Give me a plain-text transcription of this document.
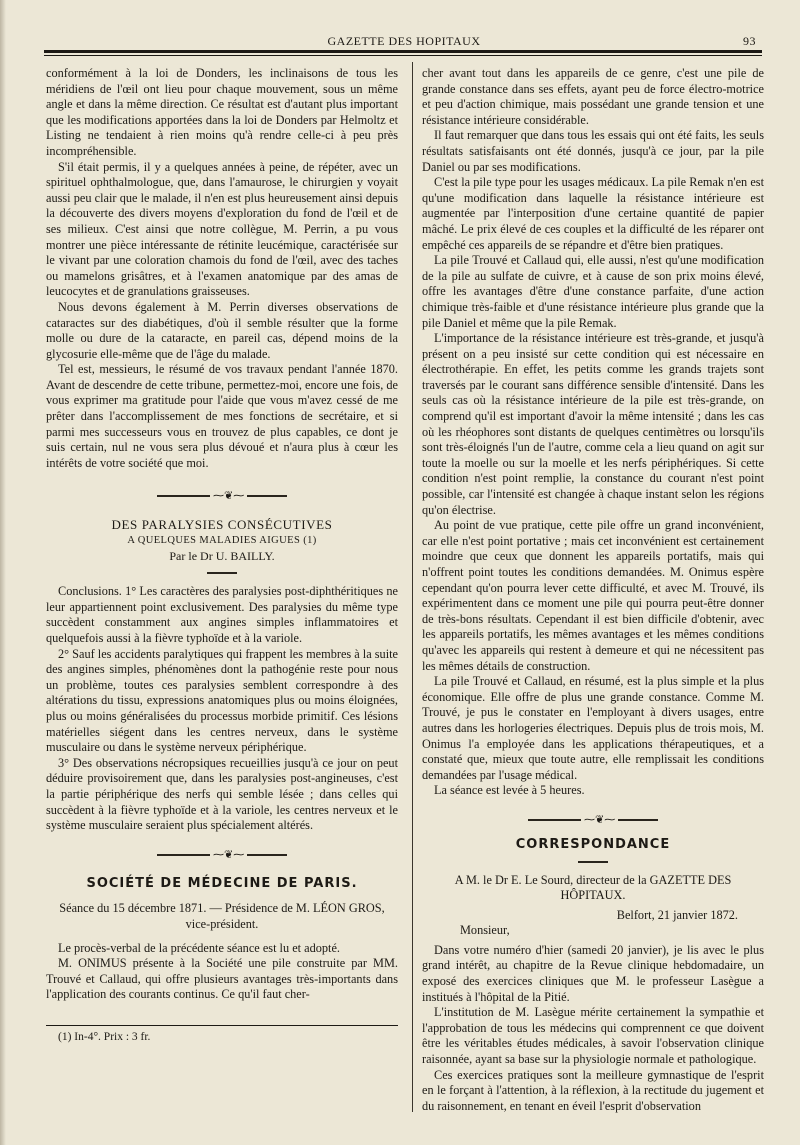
GAZETTE DES HOPITAUX	93

conformément à la loi de Donders, les inclinaisons de tous les méridiens de l'œil ont lieu pour chaque mouvement, sous un même angle et dans la même direction. Ce résultat est d'autant plus important que les modifications apportées dans la loi de Donders par Helmoltz et Listing ne tendaient à rien moins qu'à rendre celle-ci à peu près incompréhensible.

S'il était permis, il y a quelques années à peine, de répéter, avec un spirituel ophthalmologue, que, dans l'amaurose, le chirurgien y voyait aussi peu clair que le malade, il n'en est plus heureusement ainsi depuis la découverte des divers moyens d'exploration du fond de l'œil et de ses milieux. C'est ainsi que notre collègue, M. Perrin, a pu vous montrer une pièce intéressante de rétinite leucémique, caractérisée sur le vivant par une coloration chamois du fond de l'œil, avec des taches ou mamelons grisâtres, et à l'examen anatomique par des amas de leucocytes et de granulations graisseuses.

Nous devons également à M. Perrin diverses observations de cataractes sur des diabétiques, d'où il semble résulter que la forme molle ou dure de la cataracte, en pareil cas, dépend moins de la glycosurie elle-même que de l'âge du malade.

Tel est, messieurs, le résumé de vos travaux pendant l'année 1870. Avant de descendre de cette tribune, permettez-moi, encore une fois, de vous exprimer ma gratitude pour l'aide que vous m'avez cessé de me prêter dans l'accomplissement de mes fonctions de secrétaire, et si parmi mes successeurs vous en trouvez de plus capables, ce dont je suis certain, nul ne vous sera plus dévoué et n'aura plus à cœur les intérêts de votre société que moi.

⁓❦⁓

DES PARALYSIES CONSÉCUTIVES

A QUELQUES MALADIES AIGUES (1)

Par le Dr U. BAILLY.

Conclusions. 1° Les caractères des paralysies post-diphthéritiques ne leur appartiennent point exclusivement. Des paralysies du même type succèdent constamment aux angines simples inflammatoires et quelquefois aussi à la fièvre typhoïde et à la variole.

2° Sauf les accidents paralytiques qui frappent les membres à la suite des angines simples, phénomènes dont la pathogénie reste pour nous un problème, toutes ces paralysies semblent correspondre à des altérations du tissu, expressions anatomiques plus ou moins éloignées, plus ou moins généralisées du processus morbide primitif. Ces lésions matérielles siégent dans les centres nerveux, dans le système musculaire ou dans le système nerveux périphérique.

3° Des observations nécropsiques recueillies jusqu'à ce jour on peut déduire provisoirement que, dans les paralysies post-angineuses, c'est la partie périphérique des nerfs qui semble lésée ; dans celles qui succèdent à la fièvre typhoïde et à la variole, les centres nerveux et le système musculaire seraient plus spécialement altérés.

⁓❦⁓

SOCIÉTÉ DE MÉDECINE DE PARIS.

Séance du 15 décembre 1871. — Présidence de M. LÉON GROS, vice-président.

Le procès-verbal de la précédente séance est lu et adopté.

M. ONIMUS présente à la Société une pile construite par MM. Trouvé et Callaud, qui offre plusieurs avantages très-importants dans l'application des courants continus. Ce qu'il faut cher-

(1) In-4°. Prix : 3 fr.

cher avant tout dans les appareils de ce genre, c'est une pile de grande constance dans ses effets, ayant peu de force électro-motrice et peu d'action chimique, mais possédant une grande tension et une résistance intérieure considérable.

Il faut remarquer que dans tous les essais qui ont été faits, les seuls résultats satisfaisants ont été donnés, jusqu'à ce jour, par la pile Daniel ou par ses modifications.

C'est la pile type pour les usages médicaux. La pile Remak n'en est qu'une modification dans laquelle la résistance intérieure est augmentée par l'interposition d'une certaine quantité de papier mâché. Le prix élevé de ces couples et la difficulté de les réparer ont empêché ces appareils de se répandre et d'être bien pratiques.

La pile Trouvé et Callaud qui, elle aussi, n'est qu'une modification de la pile au sulfate de cuivre, et à cause de son prix moins élevé, offre les avantages d'être d'une constance parfaite, d'une action chimique très-faible et d'une résistance intérieure plus grande que la pile Daniel et même que la pile Remak.

L'importance de la résistance intérieure est très-grande, et jusqu'à présent on a peu insisté sur cette condition qui est nécessaire en électrothérapie. En effet, les petits comme les grands trajets sont traversés par le courant sans différence sensible d'intensité. Dans les seuls cas où la résistance intérieure de la pile est très-grande, on comprend qu'il est important d'avoir la même intensité ; dans les cas où les rhéophores sont distants de quelques centimètres ou lorsqu'ils sont très-éloignés l'un de l'autre, comme cela a lieu quand on agit sur toute la moelle ou sur la moelle et les nerfs périphériques. Si cette condition n'est point remplie, la constance du courant n'est point possible, car l'intensité est changée à chaque instant selon les régions qu'on électrise.

Au point de vue pratique, cette pile offre un grand inconvénient, car elle n'est point portative ; mais cet inconvénient est certainement moindre que ceux que donnent les appareils portatifs, mais qui n'offrent point toutes les conditions demandées. M. Onimus espère cependant qu'on pourra lever cette difficulté, et avec M. Trouvé, ils expérimentent dans ce moment une pile qui pourra peut-être donner de très-bons résultats. Cependant il est bien difficile d'obtenir, avec les appareils portatifs, les mêmes avantages et les mêmes conditions qu'avec les appareils qui restent à demeure et qui ne nécessitent pas les mêmes détails de construction.

La pile Trouvé et Callaud, en résumé, est la plus simple et la plus économique. Elle offre de plus une grande constance. Comme M. Trouvé, je pus le constater en l'employant à divers usages, entre autres dans les horlogeries électriques. Depuis plus de trois mois, M. Onimus l'a employée dans les applications thérapeutiques, et a constaté que, mieux que toute autre, elle remplissait les conditions demandées par l'usage médical.

La séance est levée à 5 heures.

⁓❦⁓

CORRESPONDANCE

A M. le Dr E. Le Sourd, directeur de la GAZETTE DES HÔPITAUX.

Belfort, 21 janvier 1872.

Monsieur,

Dans votre numéro d'hier (samedi 20 janvier), je lis avec le plus grand intérêt, au chapitre de la Revue clinique hebdomadaire, un exposé des exercices cliniques que M. le professeur Lasègue a institués à l'hôpital de la Pitié.

L'institution de M. Lasègue mérite certainement la sympathie et l'approbation de tous les médecins qui comprennent ce que doivent être les véritables études médicales, à savoir l'observation clinique raisonnée, ayant sa base sur la physiologie normale et pathologique.

Ces exercices pratiques sont la meilleure gymnastique de l'esprit en le forçant à l'attention, à la réflexion, à la rectitude du jugement et du raisonnement, en tenant en éveil l'esprit d'observation
